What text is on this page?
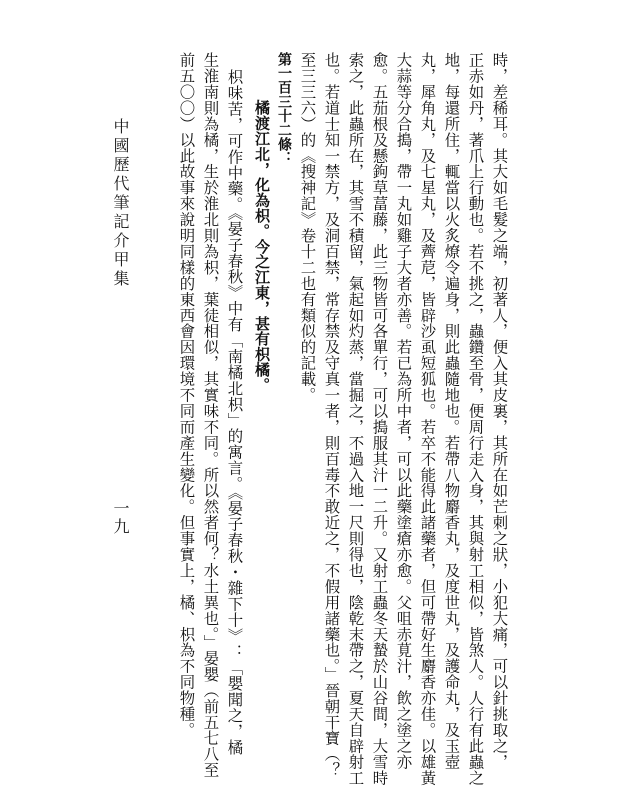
時，差稀耳。其大如毛髮之端，初著人，便入其皮裏，其所在如芒刺之狀，小犯大痛，可以針挑取之，
正赤如丹，著爪上行動也。若不挑之，蟲鑽至骨，便周行走入身，其與射工相似，皆煞人。人行有此蟲之
地，每還所住，輒當以火炙燎令遍身，則此蟲隨地也。若帶八物麝香丸，及度世丸，及護命丸，及玉壺
丸，犀角丸，及七星丸，及薺苨，皆辟沙虱短狐也。若卒不能得此諸藥者，但可帶好生麝香亦佳。以雄黃
大蒜等分合搗，帶一丸如雞子大者亦善。若已為所中者，可以此藥塗瘡亦愈。父咀赤莧汁，飲之塗之亦
愈。五茄根及懸鉤草葍藤，此三物皆可各單行，可以搗服其汁一二升。又射工蟲冬天蟄於山谷間，大雪時
索之，此蟲所在，其雪不積留，氣起如灼蒸，當掘之，不過入地一尺則得也，陰乾末帶之，夏天自辟射工
也。若道士知一禁方，及洞百禁，常存禁及守真一者，則百毒不敢近之，不假用諸藥也。」晉朝干寶（？
至三三六）的《搜神記》卷十二也有類似的記載。
第一百三十二條：
橘渡江北，化為枳。今之江東，甚有枳橘。
枳味苦，可作中藥。《晏子春秋》中有「南橘北枳」的寓言。《晏子春秋・雜下十》：「嬰聞之，橘
生淮南則為橘，生於淮北則為枳，葉徒相似，其實味不同。所以然者何？水土異也。」晏嬰（前五七八至
前五〇〇）以此故事來說明同樣的東西會因環境不同而產生變化。但事實上，橘、枳為不同物種。
中國歷代筆記介甲集
一九
